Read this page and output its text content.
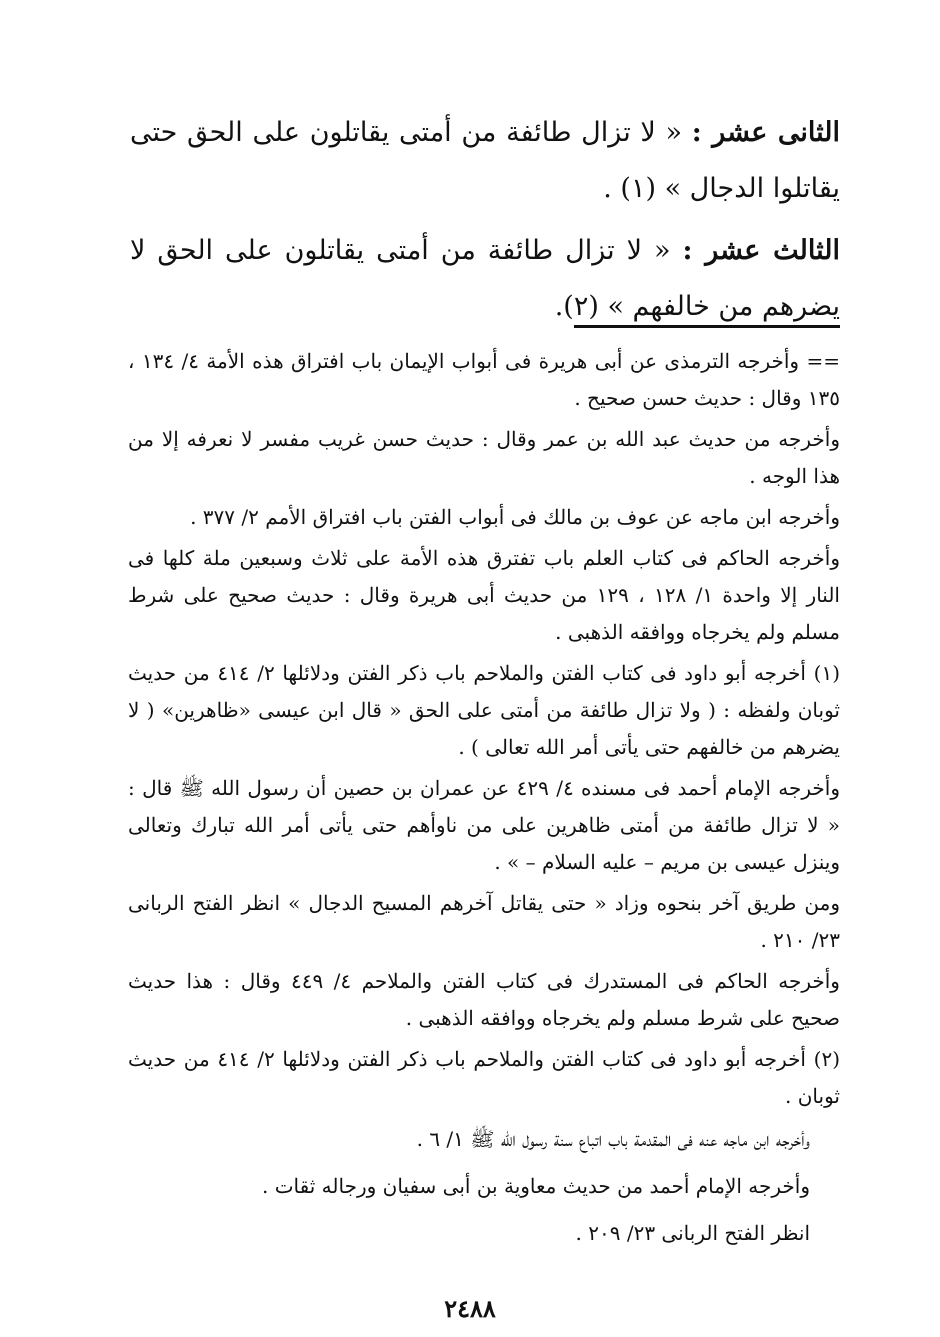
الثانى عشر : « لا تزال طائفة من أمتى يقاتلون على الحق حتى يقاتلوا الدجال » (١) .

الثالث عشر : « لا تزال طائفة من أمتى يقاتلون على الحق لا يضرهم من خالفهم » (٢).

== وأخرجه الترمذى عن أبى هريرة فى أبواب الإيمان باب افتراق هذه الأمة ٤/ ١٣٤ ، ١٣٥ وقال : حديث حسن صحيح .

وأخرجه من حديث عبد الله بن عمر وقال : حديث حسن غريب مفسر لا نعرفه إلا من هذا الوجه .

وأخرجه ابن ماجه عن عوف بن مالك فى أبواب الفتن باب افتراق الأمم ٢/ ٣٧٧ .

وأخرجه الحاكم فى كتاب العلم باب تفترق هذه الأمة على ثلاث وسبعين ملة كلها فى النار إلا واحدة ١/ ١٢٨ ، ١٢٩ من حديث أبى هريرة وقال : حديث صحيح على شرط مسلم ولم يخرجاه ووافقه الذهبى .

(١) أخرجه أبو داود فى كتاب الفتن والملاحم باب ذكر الفتن ودلائلها ٢/ ٤١٤ من حديث ثوبان ولفظه : ( ولا تزال طائفة من أمتى على الحق « قال ابن عيسى «ظاهرين» ( لا يضرهم من خالفهم حتى يأتى أمر الله تعالى ) .

وأخرجه الإمام أحمد فى مسنده ٤/ ٤٢٩ عن عمران بن حصين أن رسول الله ﷺ قال : « لا تزال طائفة من أمتى ظاهرين على من ناوأهم حتى يأتى أمر الله تبارك وتعالى وينزل عيسى بن مريم – عليه السلام – » .

ومن طريق آخر بنحوه وزاد « حتى يقاتل آخرهم المسيح الدجال » انظر الفتح الربانى ٢٣/ ٢١٠ .

وأخرجه الحاكم فى المستدرك فى كتاب الفتن والملاحم ٤/ ٤٤٩ وقال : هذا حديث صحيح على شرط مسلم ولم يخرجاه ووافقه الذهبى .

(٢) أخرجه أبو داود فى كتاب الفتن والملاحم باب ذكر الفتن ودلائلها ٢/ ٤١٤ من حديث ثوبان .

وأخرجه ابن ماجه عنه فى المقدمة باب اتباع سنة رسول الله ﷺ ١/ ٦ .

وأخرجه الإمام أحمد من حديث معاوية بن أبى سفيان ورجاله ثقات .

انظر الفتح الربانى ٢٣/ ٢٠٩ .

٢٤٨٨
